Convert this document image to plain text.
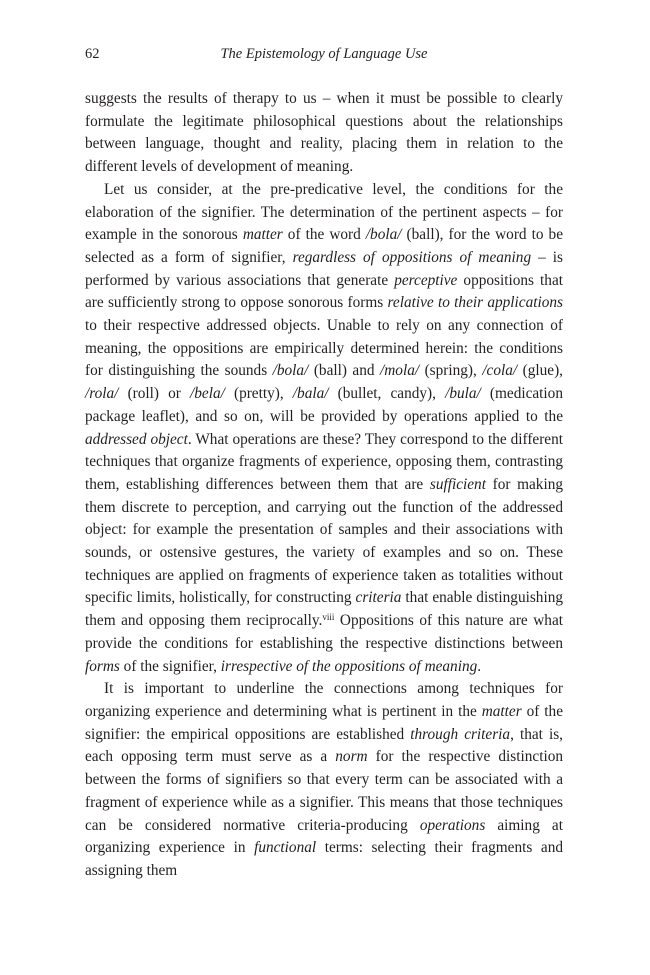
62	The Epistemology of Language Use

suggests the results of therapy to us – when it must be possible to clearly formulate the legitimate philosophical questions about the relationships between language, thought and reality, placing them in relation to the different levels of development of meaning.

Let us consider, at the pre-predicative level, the conditions for the elaboration of the signifier. The determination of the pertinent aspects – for example in the sonorous matter of the word /bola/ (ball), for the word to be selected as a form of signifier, regardless of oppositions of meaning – is performed by various associations that generate perceptive oppositions that are sufficiently strong to oppose sonorous forms relative to their applications to their respective addressed objects. Unable to rely on any connection of meaning, the oppositions are empirically determined herein: the conditions for distinguishing the sounds /bola/ (ball) and /mola/ (spring), /cola/ (glue), /rola/ (roll) or /bela/ (pretty), /bala/ (bullet, candy), /bula/ (medication package leaflet), and so on, will be provided by operations applied to the addressed object. What operations are these? They correspond to the different techniques that organize fragments of experience, opposing them, contrasting them, establishing differences between them that are sufficient for making them discrete to perception, and carrying out the function of the addressed object: for example the presentation of samples and their associations with sounds, or ostensive gestures, the variety of examples and so on. These techniques are applied on fragments of experience taken as totalities without specific limits, holistically, for constructing criteria that enable distinguishing them and opposing them reciprocally.$^{viii}$ Oppositions of this nature are what provide the conditions for establishing the respective distinctions between forms of the signifier, irrespective of the oppositions of meaning.

It is important to underline the connections among techniques for organizing experience and determining what is pertinent in the matter of the signifier: the empirical oppositions are established through criteria, that is, each opposing term must serve as a norm for the respective distinction between the forms of signifiers so that every term can be associated with a fragment of experience while as a signifier. This means that those techniques can be considered normative criteria-producing operations aiming at organizing experience in functional terms: selecting their fragments and assigning them
